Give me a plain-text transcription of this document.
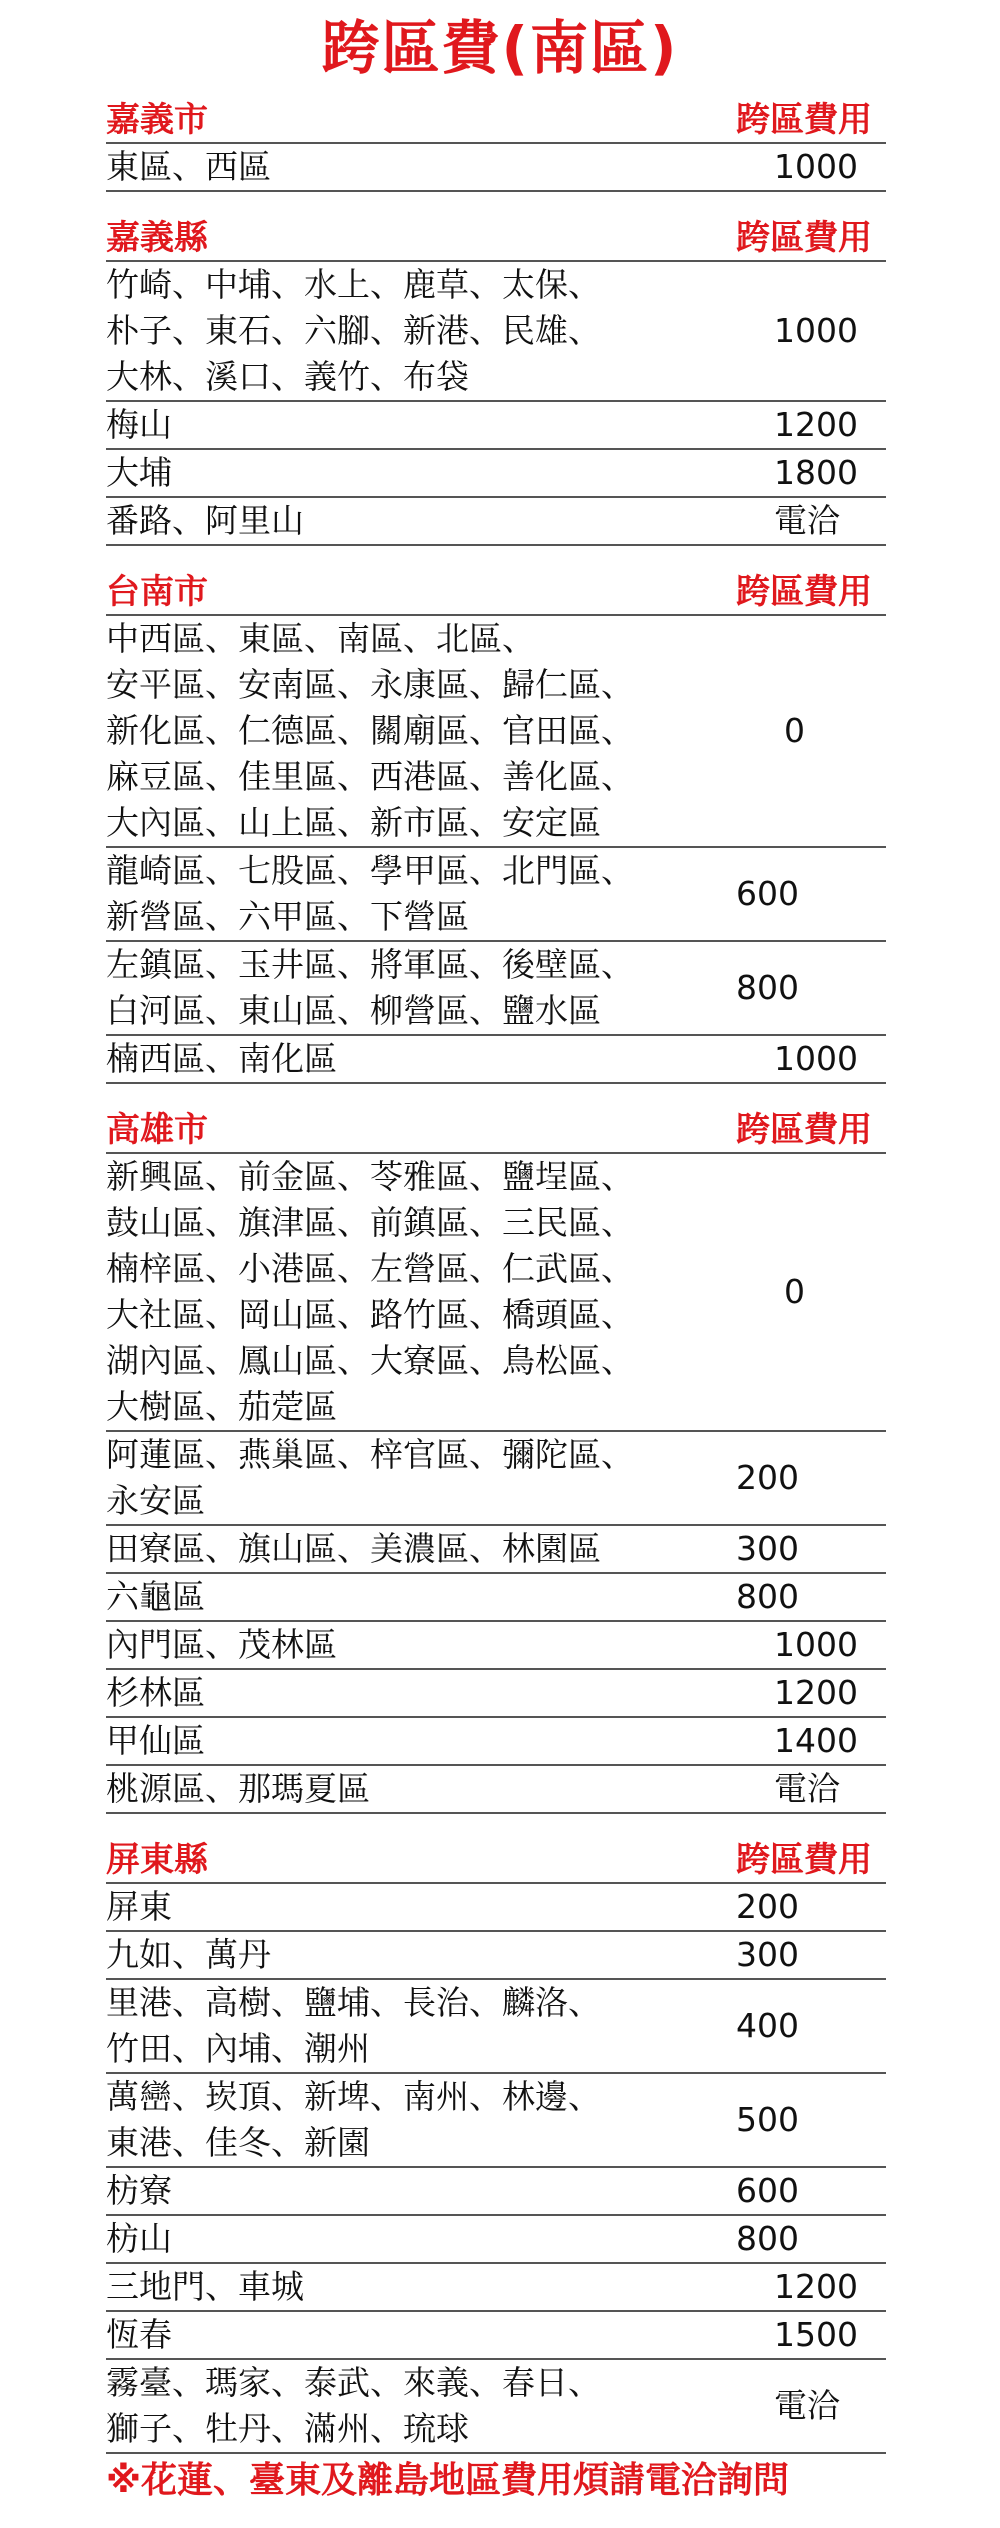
跨區費(南區)
嘉義市	跨區費用
東區、西區	1000
嘉義縣	跨區費用
竹崎、中埔、水上、鹿草、太保、
朴子、東石、六腳、新港、民雄、
大林、溪口、義竹、布袋
1000
梅山	1200
大埔	1800
番路、阿里山	電洽
台南市	跨區費用
中西區、東區、南區、北區、
安平區、安南區、永康區、歸仁區、
新化區、仁德區、關廟區、官田區、
麻豆區、佳里區、西港區、善化區、
大內區、山上區、新市區、安定區
0
龍崎區、七股區、學甲區、北門區、
新營區、六甲區、下營區
600
左鎮區、玉井區、將軍區、後壁區、
白河區、東山區、柳營區、鹽水區
800
楠西區、南化區	1000
高雄市	跨區費用
新興區、前金區、苓雅區、鹽埕區、
鼓山區、旗津區、前鎮區、三民區、
楠梓區、小港區、左營區、仁武區、
大社區、岡山區、路竹區、橋頭區、
湖內區、鳳山區、大寮區、鳥松區、
大樹區、茄萣區
0
阿蓮區、燕巢區、梓官區、彌陀區、
永安區
200
田寮區、旗山區、美濃區、林園區	300
六龜區	800
內門區、茂林區	1000
杉林區	1200
甲仙區	1400
桃源區、那瑪夏區	電洽
屏東縣	跨區費用
屏東	200
九如、萬丹	300
里港、高樹、鹽埔、長治、麟洛、
竹田、內埔、潮州
400
萬巒、崁頂、新埤、南州、林邊、
東港、佳冬、新園
500
枋寮	600
枋山	800
三地門、車城	1200
恆春	1500
霧臺、瑪家、泰武、來義、春日、
獅子、牡丹、滿州、琉球
電洽
※花蓮、臺東及離島地區費用煩請電洽詢問
